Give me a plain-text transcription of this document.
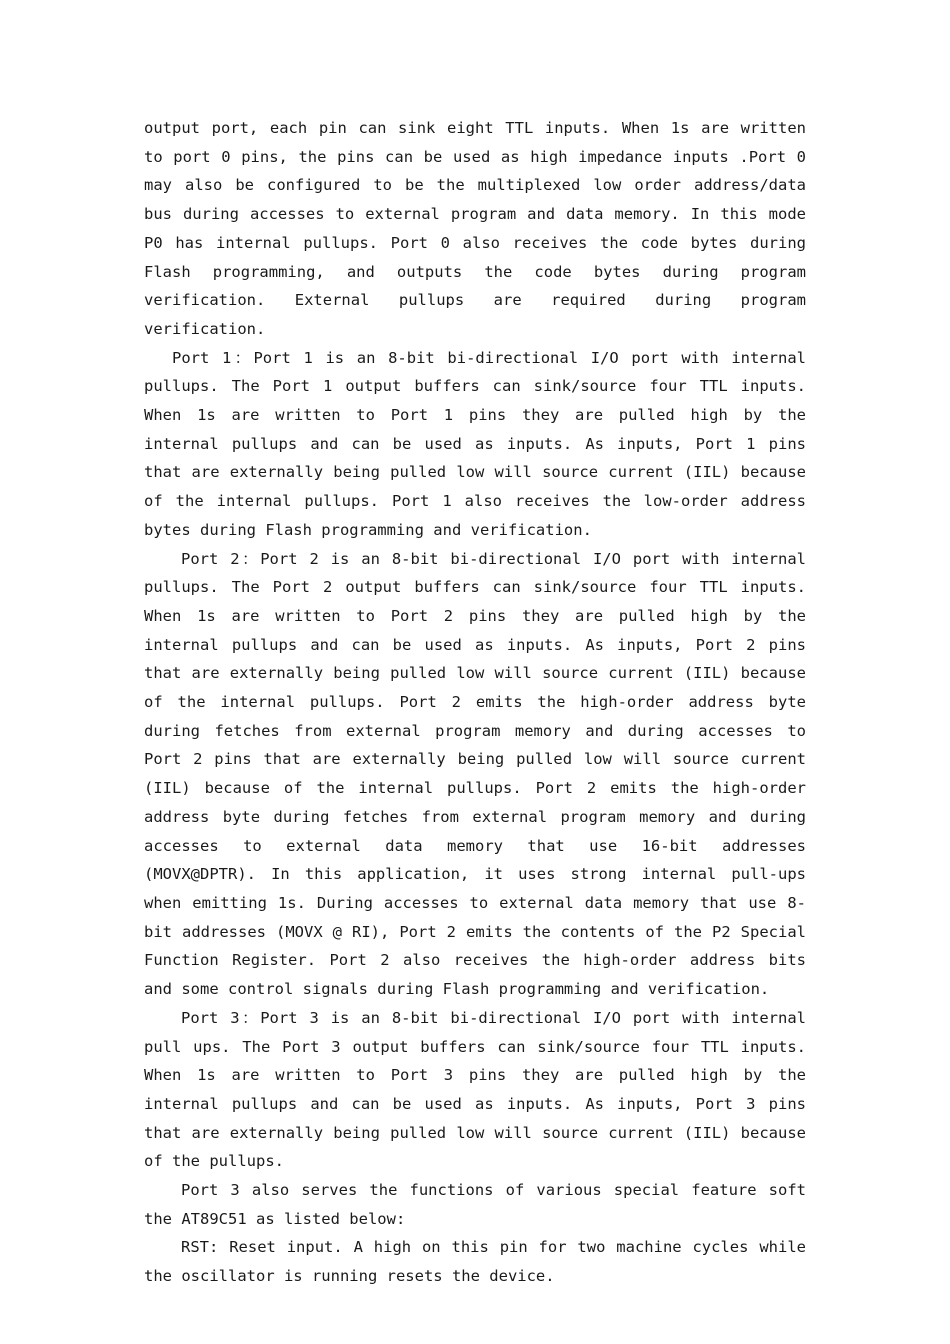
output port, each pin can sink eight TTL inputs. When 1s are written to port 0 pins, the pins can be used as high impedance inputs .Port 0 may also be configured to be the multiplexed low order address/data bus during accesses to external program and data memory. In this mode P0 has internal pullups. Port 0 also receives the code bytes during Flash programming, and outputs the code bytes during program verification. External pullups are required during program verification.

Port 1：Port 1 is an 8-bit bi-directional I/O port with internal pullups. The Port 1 output buffers can sink/source four TTL inputs. When 1s are written to Port 1 pins they are pulled high by the internal pullups and can be used as inputs. As inputs, Port 1 pins that are externally being pulled low will source current (IIL) because of the internal pullups. Port 1 also receives the low-order address bytes during Flash programming and verification.

Port 2：Port 2 is an 8-bit bi-directional I/O port with internal pullups. The Port 2 output buffers can sink/source four TTL inputs. When 1s are written to Port 2 pins they are pulled high by the internal pullups and can be used as inputs. As inputs, Port 2 pins that are externally being pulled low will source current (IIL) because of the internal pullups. Port 2 emits the high-order address byte during fetches from external program memory and during accesses to Port 2 pins that are externally being pulled low will source current (IIL) because of the internal pullups. Port 2 emits the high-order address byte during fetches from external program memory and during accesses to external data memory that use 16-bit addresses (MOVX@DPTR). In this application, it uses strong internal pull-ups when emitting 1s. During accesses to external data memory that use 8-bit addresses (MOVX @ RI), Port 2 emits the contents of the P2 Special Function Register. Port 2 also receives the high-order address bits and some control signals during Flash programming and verification.

Port 3：Port 3 is an 8-bit bi-directional I/O port with internal pull ups. The Port 3 output buffers can sink/source four TTL inputs. When 1s are written to Port 3 pins they are pulled high by the internal pullups and can be used as inputs. As inputs, Port 3 pins that are externally being pulled low will source current (IIL) because of the pullups.

Port 3 also serves the functions of various special feature soft the AT89C51 as listed below:

RST: Reset input. A high on this pin for two machine cycles while the oscillator is running resets the device.
